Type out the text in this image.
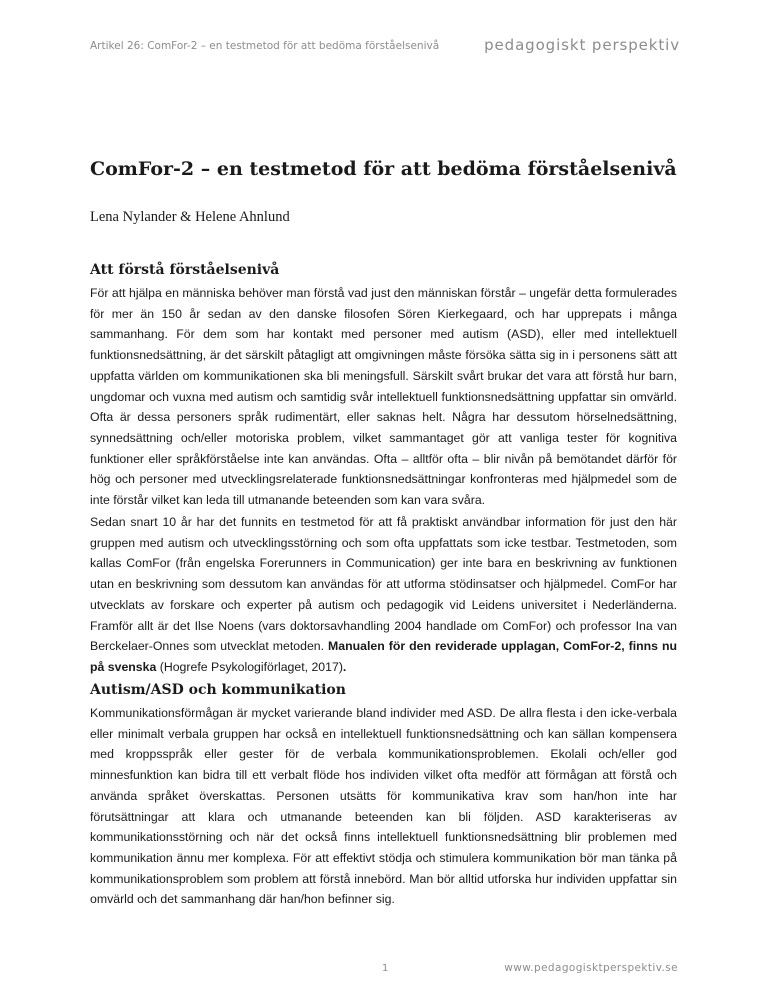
Artikel 26: ComFor-2 – en testmetod för att bedöma förståelsenivå	pedagogiskt perspektiv
ComFor-2 – en testmetod för att bedöma förståelsenivå
Lena Nylander & Helene Ahnlund
Att förstå förståelsenivå

För att hjälpa en människa behöver man förstå vad just den människan förstår – ungefär detta formulerades för mer än 150 år sedan av den danske filosofen Sören Kierkegaard, och har upprepats i många sammanhang. För dem som har kontakt med personer med autism (ASD), eller med intellektuell funktionsnedsättning, är det särskilt påtagligt att omgivningen måste försöka sätta sig in i personens sätt att uppfatta världen om kommunikationen ska bli meningsfull. Särskilt svårt brukar det vara att förstå hur barn, ungdomar och vuxna med autism och samtidig svår intellektuell funktionsnedsättning uppfattar sin omvärld. Ofta är dessa personers språk rudimentärt, eller saknas helt. Några har dessutom hörselnedsättning, synnedsättning och/eller motoriska problem, vilket sammantaget gör att vanliga tester för kognitiva funktioner eller språkförståelse inte kan användas. Ofta – alltför ofta – blir nivån på bemötandet därför för hög och personer med utvecklingsrelaterade funktionsnedsättningar konfronteras med hjälpmedel som de inte förstår vilket kan leda till utmanande beteenden som kan vara svåra.

Sedan snart 10 år har det funnits en testmetod för att få praktiskt användbar information för just den här gruppen med autism och utvecklingsstörning och som ofta uppfattats som icke testbar. Testmetoden, som kallas ComFor (från engelska Forerunners in Communication) ger inte bara en beskrivning av funktionen utan en beskrivning som dessutom kan användas för att utforma stödinsatser och hjälpmedel. ComFor har utvecklats av forskare och experter på autism och pedagogik vid Leidens universitet i Nederländerna. Framför allt är det Ilse Noens (vars doktorsavhandling 2004 handlade om ComFor) och professor Ina van Berckelaer-Onnes som utvecklat metoden. Manualen för den reviderade upplagan, ComFor-2, finns nu på svenska (Hogrefe Psykologiförlaget, 2017).

Autism/ASD och kommunikation

Kommunikationsförmågan är mycket varierande bland individer med ASD. De allra flesta i den icke-verbala eller minimalt verbala gruppen har också en intellektuell funktionsnedsättning och kan sällan kompensera med kroppsspråk eller gester för de verbala kommunikationsproblemen. Ekolali och/eller god minnesfunktion kan bidra till ett verbalt flöde hos individen vilket ofta medför att förmågan att förstå och använda språket överskattas. Personen utsätts för kommunikativa krav som han/hon inte har förutsättningar att klara och utmanande beteenden kan bli följden. ASD karakteriseras av kommunikationsstörning och när det också finns intellektuell funktionsnedsättning blir problemen med kommunikation ännu mer komplexa. För att effektivt stödja och stimulera kommunikation bör man tänka på kommunikationsproblem som problem att förstå innebörd. Man bör alltid utforska hur individen uppfattar sin omvärld och det sammanhang där han/hon befinner sig.

1	www.pedagogisktperspektiv.se
